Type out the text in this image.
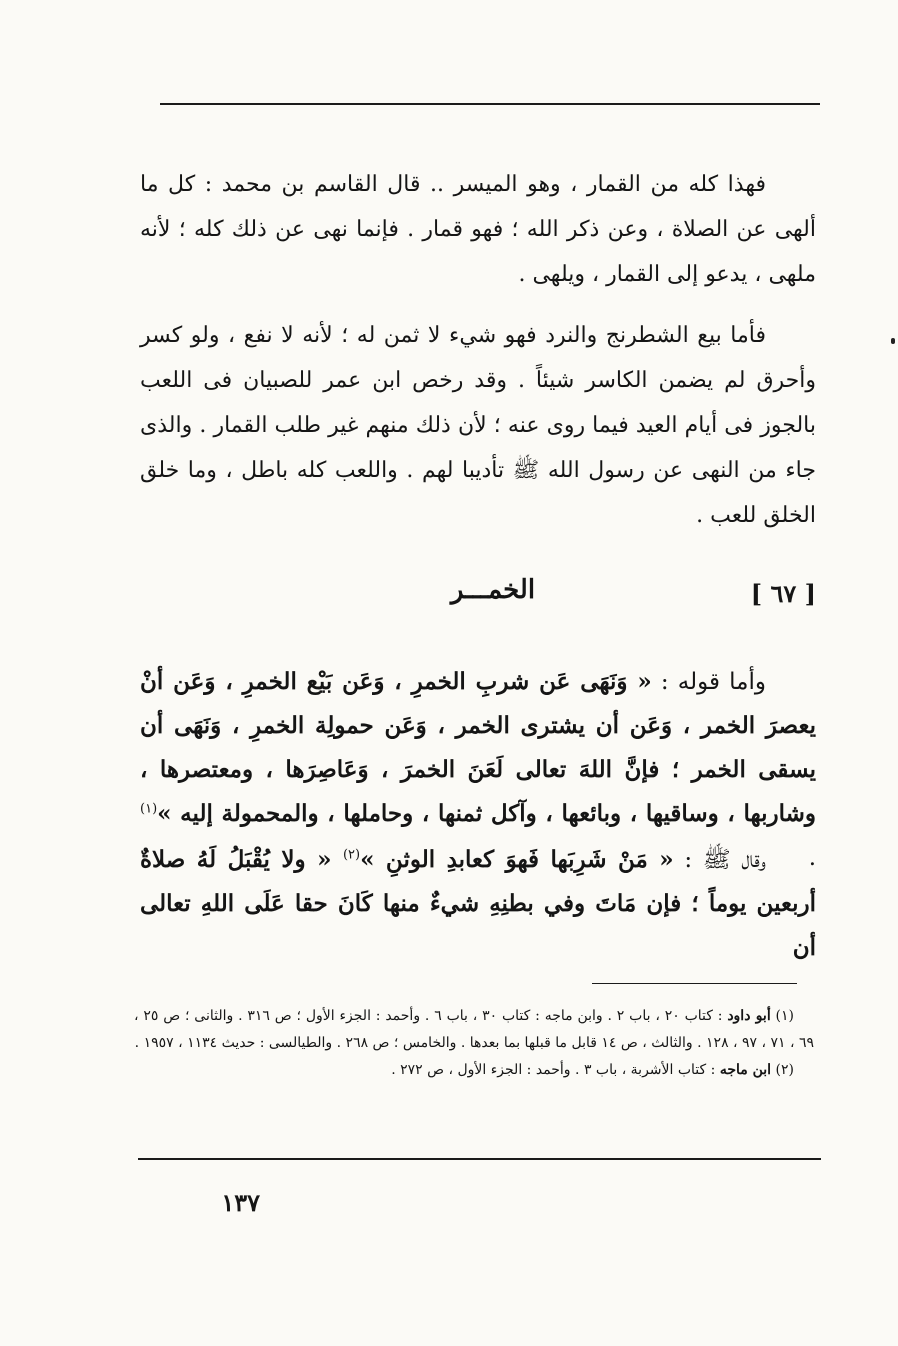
فهذا كله من القمار ، وهو الميسر .. قال القاسم بن محمد : كل ما ألهى عن الصلاة ، وعن ذكر الله ؛ فهو قمار . فإنما نهى عن ذلك كله ؛ لأنه ملهى ، يدعو إلى القمار ، ويلهى .

فأما بيع الشطرنج والنرد فهو شيء لا ثمن له ؛ لأنه لا نفع ، ولو كسر وأحرق لم يضمن الكاسر شيئاً . وقد رخص ابن عمر للصبيان فى اللعب بالجوز فى أيام العيد فيما روى عنه ؛ لأن ذلك منهم غير طلب القمار . والذى جاء من النهى عن رسول الله ﷺ تأديبا لهم . واللعب كله باطل ، وما خلق الخلق للعب .

[ ٦٧ ]
الخمـــر

وأما قوله : « وَنَهَى عَن شربِ الخمرِ ، وَعَن بَيْع الخمرِ ، وَعَن أنْ يعصرَ الخمر ، وَعَن أن يشترى الخمر ، وَعَن حمولِة الخمرِ ، وَنَهَى أن يسقى الخمر ؛ فإنَّ اللهَ تعالى لَعَنَ الخمرَ ، وَعَاصِرَها ، ومعتصرها ، وشاربها ، وساقيها ، وبائعها ، وآكل ثمنها ، وحاملها ، والمحمولة إليه »$^{(١)}$ .

وقال ﷺ : « مَنْ شَرِبَها فَهوَ كعابدِ الوثنِ »$^{(٢)}$ « ولا يُقْبَلُ لَهُ صلاةٌ أربعين يوماً ؛ فإن مَاتَ وفي بطنِهِ شيءٌ منها كَانَ حقا عَلَى اللهِ تعالى أن

(١) أبو داود : كتاب ٢٠ ، باب ٢ . وابن ماجه : كتاب ٣٠ ، باب ٦ . وأحمد : الجزء الأول ؛ ص ٣١٦ . والثانى ؛ ص ٢٥ ، ٦٩ ، ٧١ ، ٩٧ ، ١٢٨ . والثالث ، ص ١٤ قابل ما قبلها بما بعدها . والخامس ؛ ص ٢٦٨ . والطيالسى : حديث ١١٣٤ ، ١٩٥٧ .

(٢) ابن ماجه : كتاب الأشربة ، باب ٣ . وأحمد : الجزء الأول ، ص ٢٧٢ .

١٣٧
